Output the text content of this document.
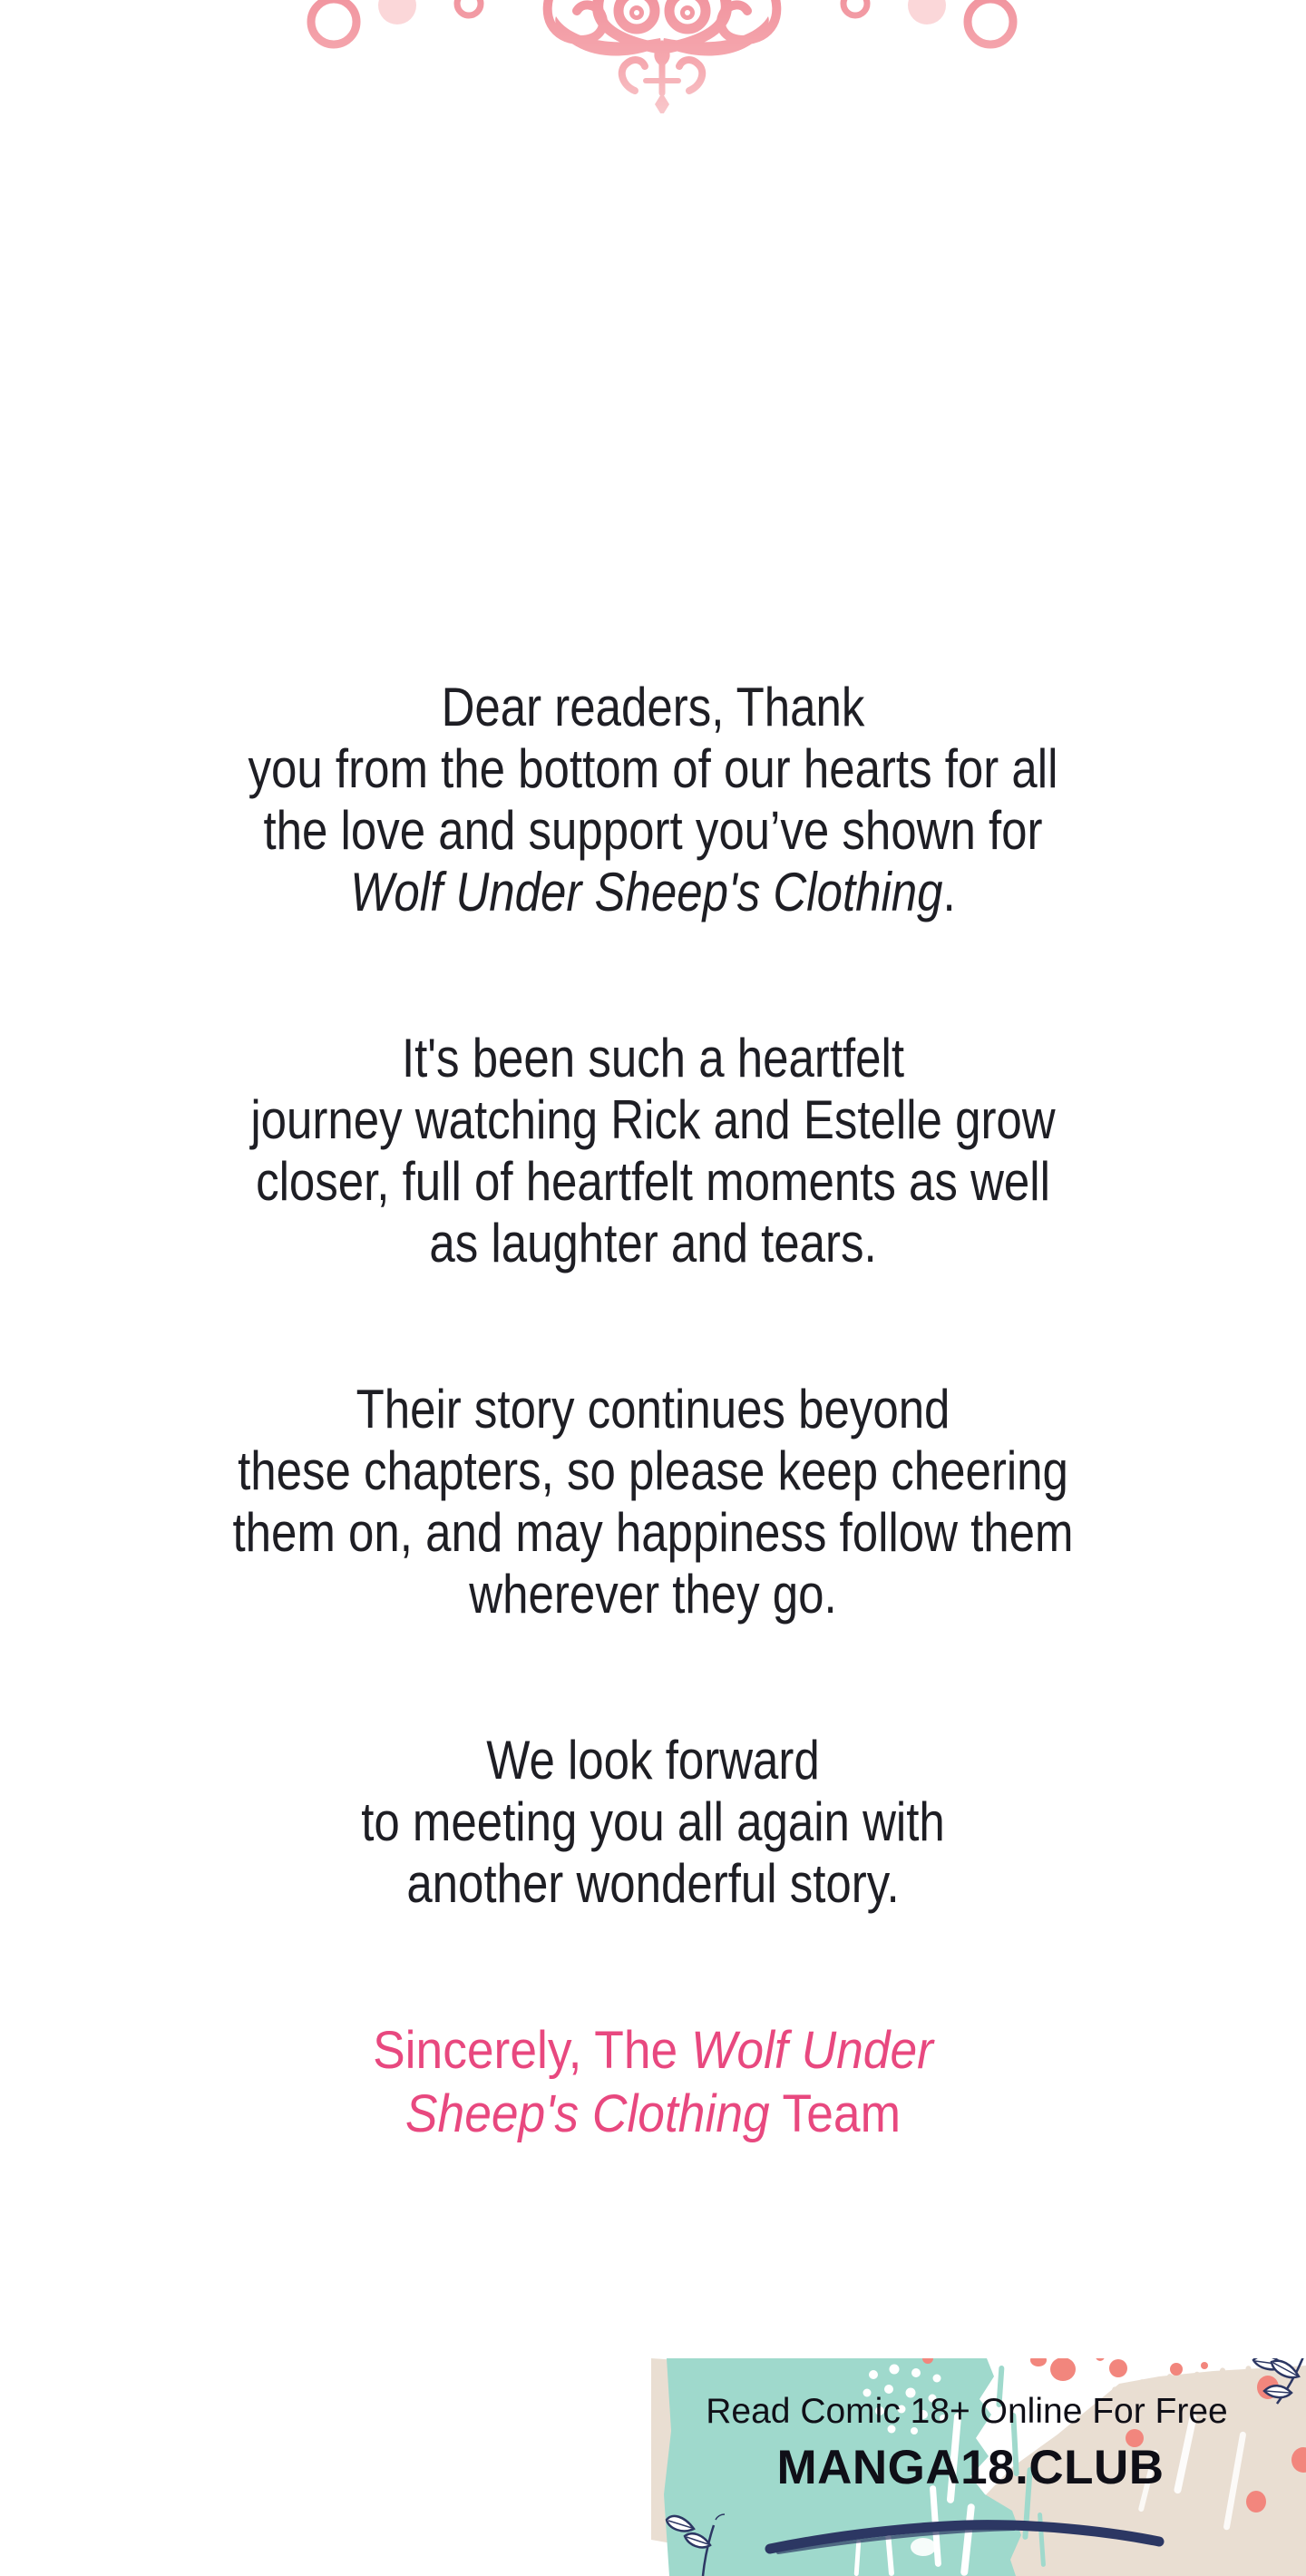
Dear readers, Thank
you from the bottom of our hearts for all
the love and support you’ve shown for
Wolf Under Sheep's Clothing.

It's been such a heartfelt
journey watching Rick and Estelle grow
closer, full of heartfelt moments as well
as laughter and tears.

Their story continues beyond
these chapters, so please keep cheering
them on, and may happiness follow them
wherever they go.

We look forward
to meeting you all again with
another wonderful story.

Sincerely, The Wolf Under
Sheep's Clothing Team

Read Comic 18+ Online For Free
MANGA18.CLUB
